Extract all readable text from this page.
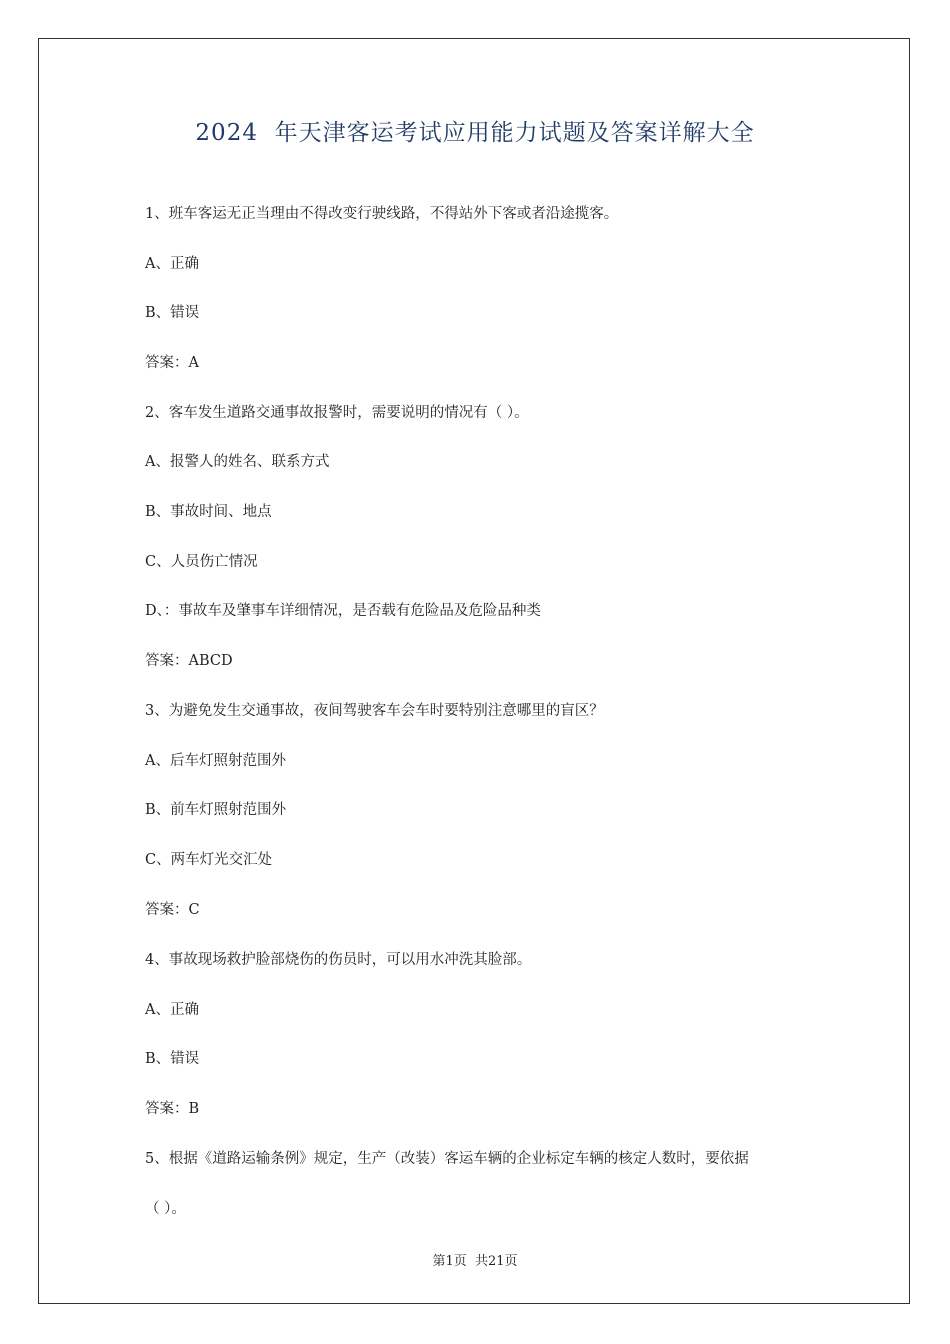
2024  年天津客运考试应用能力试题及答案详解大全
1、班车客运无正当理由不得改变行驶线路，不得站外下客或者沿途揽客。
A、正确
B、错误
答案：A
2、客车发生道路交通事故报警时，需要说明的情况有（ ）。
A、报警人的姓名、联系方式
B、事故时间、地点
C、人员伤亡情况
D、：事故车及肇事车详细情况，是否载有危险品及危险品种类
答案：ABCD
3、为避免发生交通事故，夜间驾驶客车会车时要特别注意哪里的盲区？
A、后车灯照射范围外
B、前车灯照射范围外
C、两车灯光交汇处
答案：C
4、事故现场救护脸部烧伤的伤员时，可以用水冲洗其脸部。
A、正确
B、错误
答案：B
5、根据《道路运输条例》规定，生产（改装）客运车辆的企业标定车辆的核定人数时，要依据
（ ）。
第1页  共21页
